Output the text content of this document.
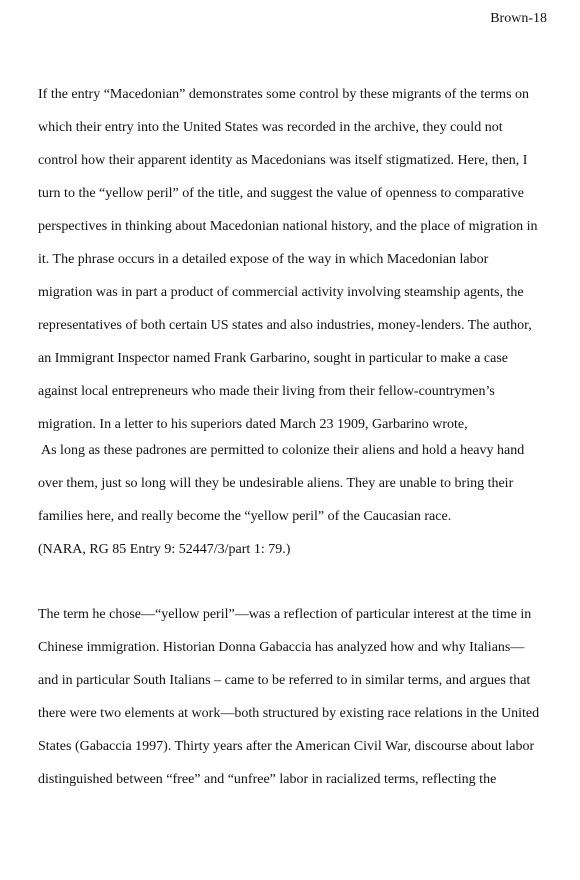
Brown-18
If the entry “Macedonian” demonstrates some control by these migrants of the terms on
which their entry into the United States was recorded in the archive, they could not
control how their apparent identity as Macedonians was itself stigmatized. Here, then, I
turn to the “yellow peril” of the title, and suggest the value of openness to comparative
perspectives in thinking about Macedonian national history, and the place of migration in
it. The phrase occurs in a detailed expose of the way in which Macedonian labor
migration was in part a product of commercial activity involving steamship agents, the
representatives of both certain US states and also industries, money-lenders. The author,
an Immigrant Inspector named Frank Garbarino, sought in particular to make a case
against local entrepreneurs who made their living from their fellow-countrymen’s
migration. In a letter to his superiors dated March 23 1909, Garbarino wrote,
As long as these padrones are permitted to colonize their aliens and hold a heavy hand
over them, just so long will they be undesirable aliens. They are unable to bring their
families here, and really become the “yellow peril” of the Caucasian race.
(NARA, RG 85 Entry 9: 52447/3/part 1: 79.)
The term he chose—“yellow peril”—was a reflection of particular interest at the time in
Chinese immigration. Historian Donna Gabaccia has analyzed how and why Italians—
and in particular South Italians – came to be referred to in similar terms, and argues that
there were two elements at work—both structured by existing race relations in the United
States (Gabaccia 1997). Thirty years after the American Civil War, discourse about labor
distinguished between “free” and “unfree” labor in racialized terms, reflecting the
